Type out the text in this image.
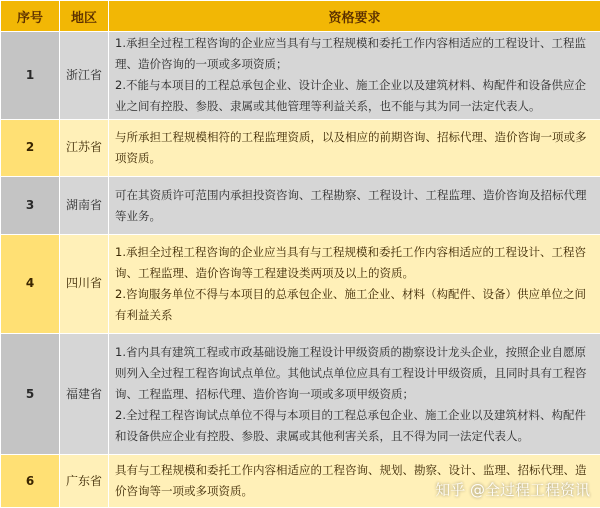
序号	地区	资格要求
1	浙江省	1.承担全过程工程咨询的企业应当具有与工程规模和委托工作内容相适应的工程设计、工程监理、造价咨询的一项或多项资质；
2.不能与本项目的工程总承包企业、设计企业、施工企业以及建筑材料、构配件和设备供应企业之间有控股、参股、隶属或其他管理等利益关系，也不能与其为同一法定代表人。

2	江苏省	与所承担工程规模相符的工程监理资质，以及相应的前期咨询、招标代理、造价咨询一项或多项资质。

3	湖南省	可在其资质许可范围内承担投资咨询、工程勘察、工程设计、工程监理、造价咨询及招标代理等业务。

4	四川省	1.承担全过程工程咨询的企业应当具有与工程规模和委托工作内容相适应的工程设计、工程咨询、工程监理、造价咨询等工程建设类两项及以上的资质。
2.咨询服务单位不得与本项目的总承包企业、施工企业、材料（构配件、设备）供应单位之间有利益关系

5	福建省	1.省内具有建筑工程或市政基础设施工程设计甲级资质的勘察设计龙头企业，按照企业自愿原则列入全过程工程咨询试点单位。其他试点单位应具有工程设计甲级资质，且同时具有工程咨询、工程监理、招标代理、造价咨询一项或多项甲级资质；
2.全过程工程咨询试点单位不得与本项目的工程总承包企业、施工企业以及建筑材料、构配件和设备供应企业有控股、参股、隶属或其他利害关系，且不得为同一法定代表人。

6	广东省	具有与工程规模和委托工作内容相适应的工程咨询、规划、勘察、设计、监理、招标代理、造价咨询等一项或多项资质。	知乎 @全过程工程资讯
